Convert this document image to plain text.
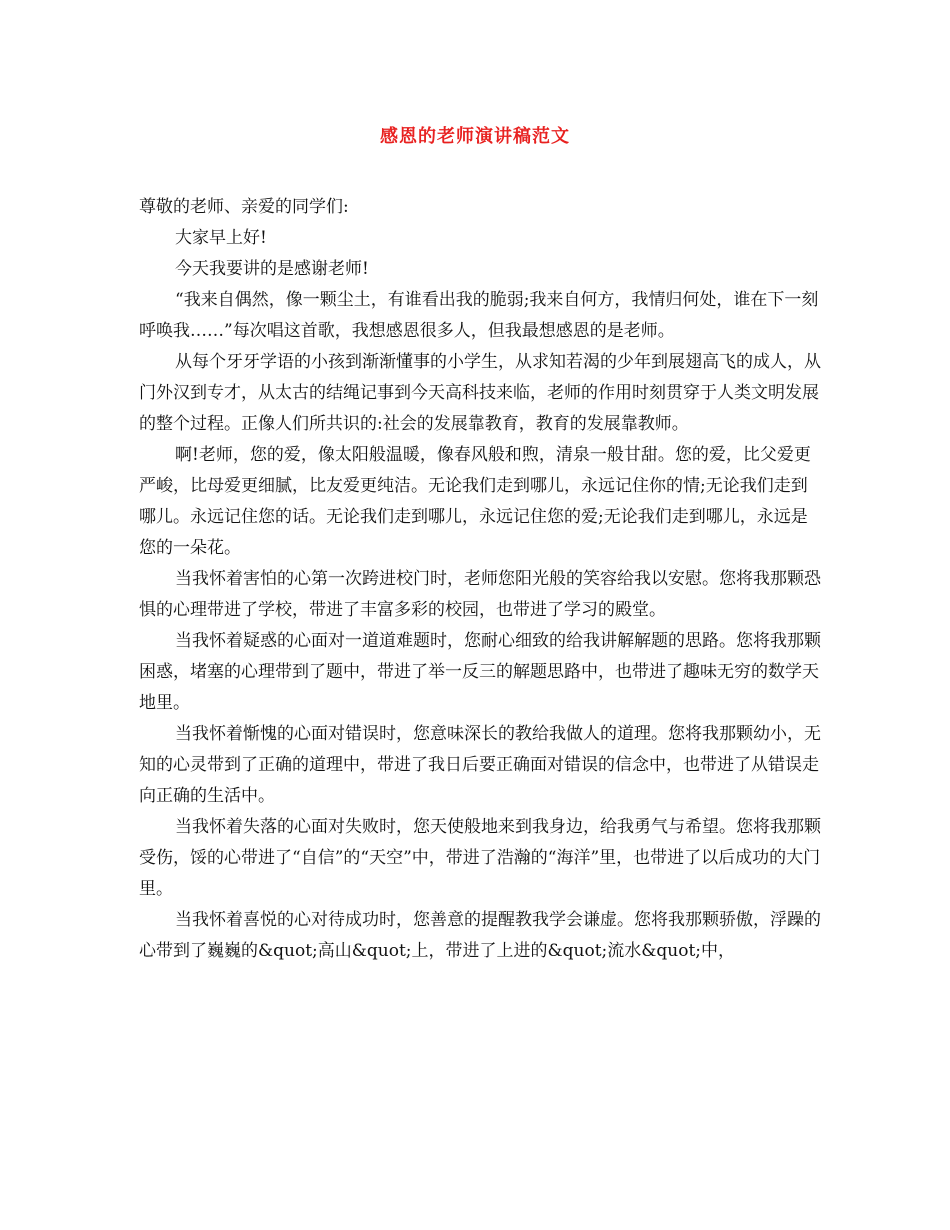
感恩的老师演讲稿范文

尊敬的老师、亲爱的同学们:

大家早上好!

今天我要讲的是感谢老师!

“我来自偶然，像一颗尘土，有谁看出我的脆弱;我来自何方，我情归何处，谁在下一刻呼唤我……”每次唱这首歌，我想感恩很多人，但我最想感恩的是老师。

从每个牙牙学语的小孩到渐渐懂事的小学生，从求知若渴的少年到展翅高飞的成人，从门外汉到专才，从太古的结绳记事到今天高科技来临，老师的作用时刻贯穿于人类文明发展的整个过程。正像人们所共识的:社会的发展靠教育，教育的发展靠教师。

啊!老师，您的爱，像太阳般温暖，像春风般和煦，清泉一般甘甜。您的爱，比父爱更严峻，比母爱更细腻，比友爱更纯洁。无论我们走到哪儿，永远记住你的情;无论我们走到哪儿。永远记住您的话。无论我们走到哪儿，永远记住您的爱;无论我们走到哪儿，永远是您的一朵花。

当我怀着害怕的心第一次跨进校门时，老师您阳光般的笑容给我以安慰。您将我那颗恐惧的心理带进了学校，带进了丰富多彩的校园，也带进了学习的殿堂。

当我怀着疑惑的心面对一道道难题时，您耐心细致的给我讲解解题的思路。您将我那颗困惑，堵塞的心理带到了题中，带进了举一反三的解题思路中，也带进了趣味无穷的数学天地里。

当我怀着惭愧的心面对错误时，您意味深长的教给我做人的道理。您将我那颗幼小，无知的心灵带到了正确的道理中，带进了我日后要正确面对错误的信念中，也带进了从错误走向正确的生活中。

当我怀着失落的心面对失败时，您天使般地来到我身边，给我勇气与希望。您将我那颗受伤，馁的心带进了“自信”的“天空”中，带进了浩瀚的“海洋”里，也带进了以后成功的大门里。

当我怀着喜悦的心对待成功时，您善意的提醒教我学会谦虚。您将我那颗骄傲，浮躁的心带到了巍巍的&quot;高山&quot;上，带进了上进的&quot;流水&quot;中，
